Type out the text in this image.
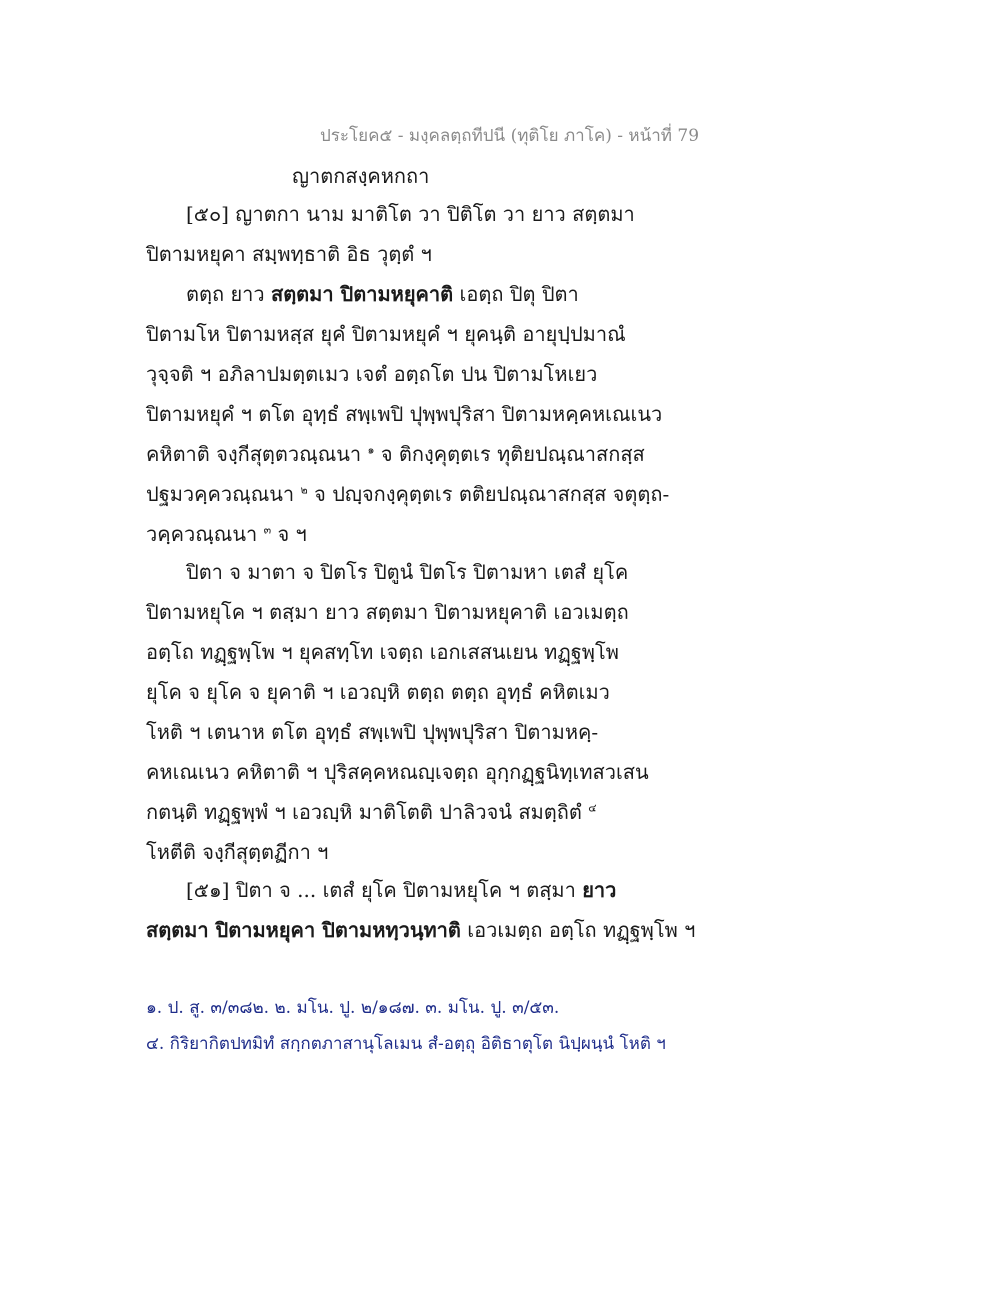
ประโยค๕ - มงฺคลตฺถทีปนี (ทุติโย ภาโค) - หน้าที่ 79
ญาตกสงฺคหกถา
[๕๐] ญาตกา นาม มาติโต วา ปิติโต วา ยาว สตฺตมา
ปิตามหยุคา สมฺพทฺธาติ อิธ วุตฺตํ ฯ
ตตฺถ ยาว สตฺตมา ปิตามหยุคาติ เอตฺถ ปิตุ ปิตา
ปิตามโห ปิตามหสฺส ยุคํ ปิตามหยุคํ ฯ ยุคนฺติ อายุปฺปมาณํ
วุจฺจติ ฯ อภิลาปมตฺตเมว เจตํ อตฺถโต ปน ปิตามโหเยว
ปิตามหยุคํ ฯ ตโต อุทฺธํ สพฺเพปิ ปุพฺพปุริสา ปิตามหคฺคหเณเนว
คหิตาติ จงฺกีสุตฺตวณฺณนา $^๑$ จ ติกงฺคุตฺตเร ทุติยปณฺณาสกสฺส
ปฐมวคฺควณฺณนา $^๒$ จ ปญฺจกงฺคุตฺตเร ตติยปณฺณาสกสฺส จตุตฺถ-
วคฺควณฺณนา $^๓$ จ ฯ
ปิตา จ มาตา จ ปิตโร ปิตูนํ ปิตโร ปิตามหา เตสํ ยุโค
ปิตามหยุโค ฯ ตสฺมา ยาว สตฺตมา ปิตามหยุคาติ เอวเมตฺถ
อตฺโถ ทฏฺฐพฺโพ ฯ ยุคสทฺโท เจตฺถ เอกเสสนเยน ทฏฺฐพฺโพ
ยุโค จ ยุโค จ ยุคาติ ฯ เอวญฺหิ ตตฺถ ตตฺถ อุทฺธํ คหิตเมว
โหติ ฯ เตนาห ตโต อุทฺธํ สพฺเพปิ ปุพฺพปุริสา ปิตามหคฺ-
คหเณเนว คหิตาติ ฯ ปุริสคฺคหณญฺเจตฺถ อุกฺกฏฺฐนิทฺเทสวเสน
กตนฺติ ทฏฺฐพฺพํ ฯ เอวญฺหิ มาติโตติ ปาลิวจนํ สมตฺถิตํ $^๔$
โหตีติ จงฺกีสุตฺตฏีกา ฯ
[๕๑] ปิตา จ ... เตสํ ยุโค ปิตามหยุโค ฯ ตสฺมา ยาว
สตฺตมา ปิตามหยุคา ปิตามหทฺวนฺทาติ เอวเมตฺถ อตฺโถ ทฏฺฐพฺโพ ฯ
๑. ป. สู. ๓/๓๘๒. ๒. มโน. ปู. ๒/๑๘๗. ๓. มโน. ปู. ๓/๕๓.
๔. กิริยากิตปทมิทํ สกฺกตภาสานุโลเมน สํ-อตฺถุ อิติธาตุโต นิปฺผนฺนํ โหติ ฯ
